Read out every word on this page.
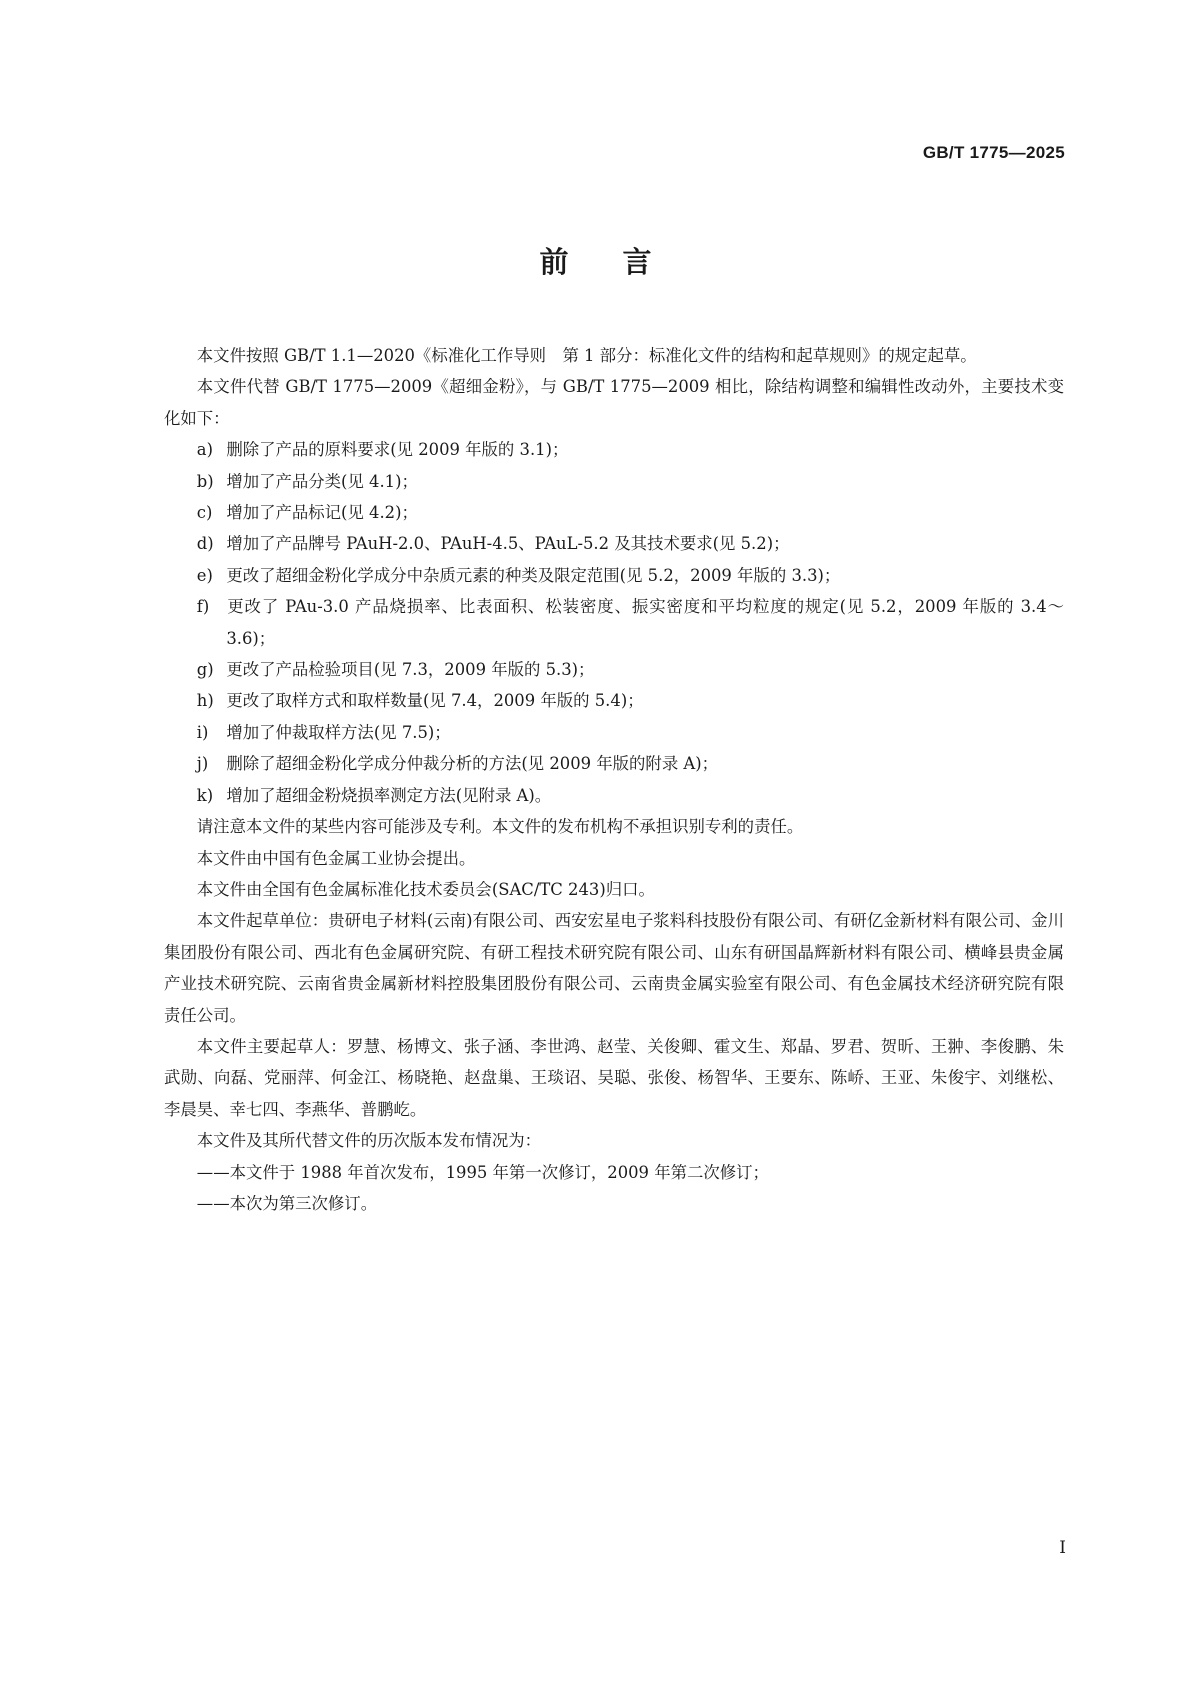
GB/T 1775—2025
前言

本文件按照 GB/T 1.1—2020《标准化工作导则　第 1 部分：标准化文件的结构和起草规则》的规定起草。

本文件代替 GB/T 1775—2009《超细金粉》，与 GB/T 1775—2009 相比，除结构调整和编辑性改动外，主要技术变化如下：

a) 删除了产品的原料要求(见 2009 年版的 3.1)；

b) 增加了产品分类(见 4.1)；

c) 增加了产品标记(见 4.2)；

d) 增加了产品牌号 PAuH-2.0、PAuH-4.5、PAuL-5.2 及其技术要求(见 5.2)；

e) 更改了超细金粉化学成分中杂质元素的种类及限定范围(见 5.2，2009 年版的 3.3)；

f) 更改了 PAu-3.0 产品烧损率、比表面积、松装密度、振实密度和平均粒度的规定(见 5.2，2009 年版的 3.4～3.6)；

g) 更改了产品检验项目(见 7.3，2009 年版的 5.3)；

h) 更改了取样方式和取样数量(见 7.4，2009 年版的 5.4)；

i) 增加了仲裁取样方法(见 7.5)；

j) 删除了超细金粉化学成分仲裁分析的方法(见 2009 年版的附录 A)；

k) 增加了超细金粉烧损率测定方法(见附录 A)。

请注意本文件的某些内容可能涉及专利。本文件的发布机构不承担识别专利的责任。

本文件由中国有色金属工业协会提出。

本文件由全国有色金属标准化技术委员会(SAC/TC 243)归口。

本文件起草单位：贵研电子材料(云南)有限公司、西安宏星电子浆料科技股份有限公司、有研亿金新材料有限公司、金川集团股份有限公司、西北有色金属研究院、有研工程技术研究院有限公司、山东有研国晶辉新材料有限公司、横峰县贵金属产业技术研究院、云南省贵金属新材料控股集团股份有限公司、云南贵金属实验室有限公司、有色金属技术经济研究院有限责任公司。

本文件主要起草人：罗慧、杨博文、张子涵、李世鸿、赵莹、关俊卿、霍文生、郑晶、罗君、贺昕、王翀、李俊鹏、朱武勋、向磊、党丽萍、何金江、杨晓艳、赵盘巢、王琰诏、吴聪、张俊、杨智华、王要东、陈峤、王亚、朱俊宇、刘继松、李晨昊、幸七四、李燕华、普鹏屹。

本文件及其所代替文件的历次版本发布情况为：

——本文件于 1988 年首次发布，1995 年第一次修订，2009 年第二次修订；

——本次为第三次修订。

I
